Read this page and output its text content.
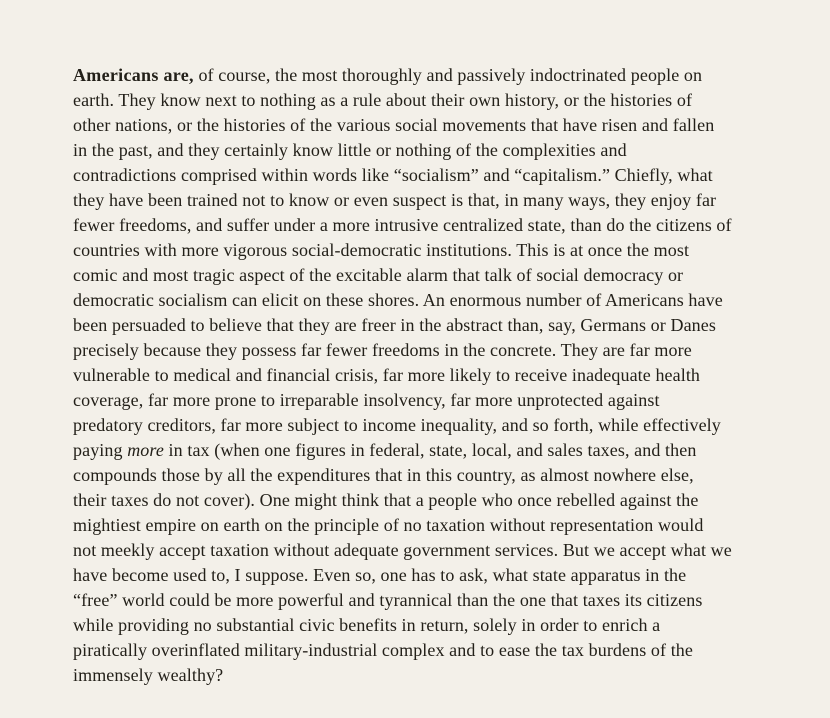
Americans are, of course, the most thoroughly and passively indoctrinated people on
earth. They know next to nothing as a rule about their own history, or the histories of
other nations, or the histories of the various social movements that have risen and fallen
in the past, and they certainly know little or nothing of the complexities and
contradictions comprised within words like “socialism” and “capitalism.” Chiefly, what
they have been trained not to know or even suspect is that, in many ways, they enjoy far
fewer freedoms, and suffer under a more intrusive centralized state, than do the citizens of
countries with more vigorous social-democratic institutions. This is at once the most
comic and most tragic aspect of the excitable alarm that talk of social democracy or
democratic socialism can elicit on these shores. An enormous number of Americans have
been persuaded to believe that they are freer in the abstract than, say, Germans or Danes
precisely because they possess far fewer freedoms in the concrete. They are far more
vulnerable to medical and financial crisis, far more likely to receive inadequate health
coverage, far more prone to irreparable insolvency, far more unprotected against
predatory creditors, far more subject to income inequality, and so forth, while effectively
paying more in tax (when one figures in federal, state, local, and sales taxes, and then
compounds those by all the expenditures that in this country, as almost nowhere else,
their taxes do not cover). One might think that a people who once rebelled against the
mightiest empire on earth on the principle of no taxation without representation would
not meekly accept taxation without adequate government services. But we accept what we
have become used to, I suppose. Even so, one has to ask, what state apparatus in the
“free” world could be more powerful and tyrannical than the one that taxes its citizens
while providing no substantial civic benefits in return, solely in order to enrich a
piratically overinflated military-industrial complex and to ease the tax burdens of the
immensely wealthy?
